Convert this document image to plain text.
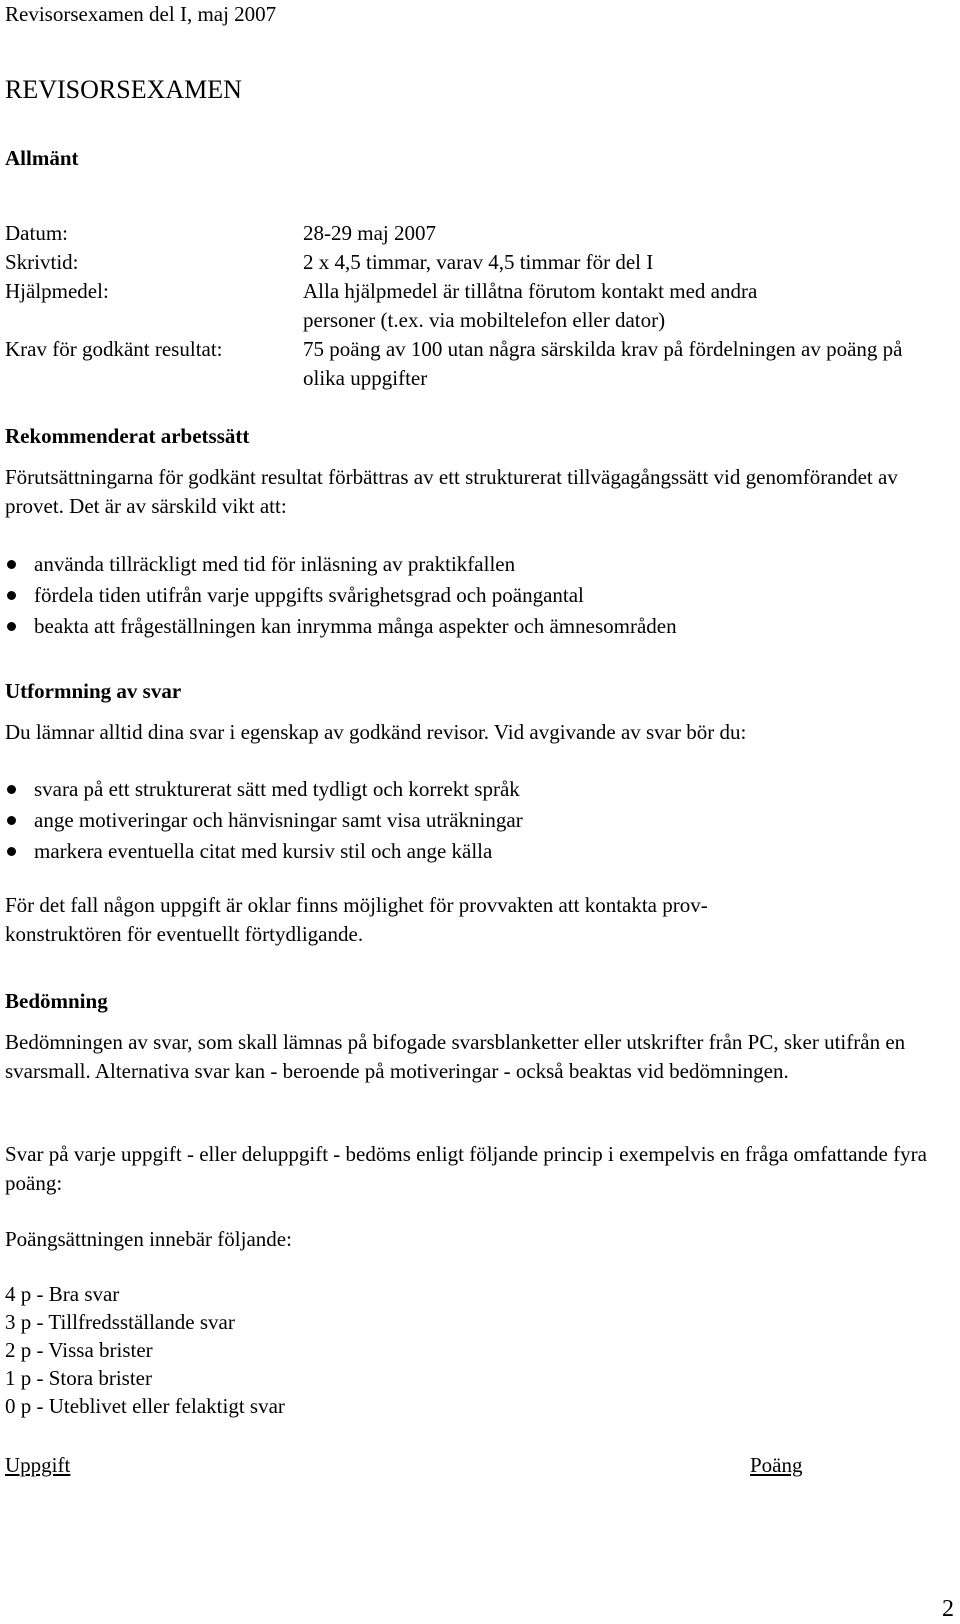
Revisorsexamen del I, maj 2007
REVISORSEXAMEN
Allmänt
Datum:	28-29 maj 2007
Skrivtid:	2 x 4,5 timmar, varav 4,5 timmar för del I
Hjälpmedel:	Alla hjälpmedel är tillåtna förutom kontakt med andra personer (t.ex. via mobiltelefon eller dator)
Krav för godkänt resultat:	75 poäng av 100 utan några särskilda krav på fördelningen av poäng på olika uppgifter
Rekommenderat arbetssätt
Förutsättningarna för godkänt resultat förbättras av ett strukturerat tillvägagångssätt vid genomförandet av provet. Det är av särskild vikt att:
använda tillräckligt med tid för inläsning av praktikfallen
fördela tiden utifrån varje uppgifts svårighetsgrad och poängantal
beakta att frågeställningen kan inrymma många aspekter och ämnesområden
Utformning av svar
Du lämnar alltid dina svar i egenskap av godkänd revisor. Vid avgivande av svar bör du:
svara på ett strukturerat sätt med tydligt och korrekt språk
ange motiveringar och hänvisningar samt visa uträkningar
markera eventuella citat med kursiv stil och ange källa
För det fall någon uppgift är oklar finns möjlighet för provvakten att kontakta prov-
konstruktören för eventuellt förtydligande.
Bedömning
Bedömningen av svar, som skall lämnas på bifogade svarsblanketter eller utskrifter från PC, sker utifrån en svarsmall. Alternativa svar kan - beroende på motiveringar - också beaktas vid bedömningen.
Svar på varje uppgift - eller deluppgift - bedöms enligt följande princip i exempelvis en fråga omfattande fyra poäng:
Poängsättningen innebär följande:
4 p - Bra svar
3 p - Tillfredsställande svar
2 p - Vissa brister
1 p - Stora brister
0 p - Uteblivet eller felaktigt svar
Uppgift	Poäng
2
